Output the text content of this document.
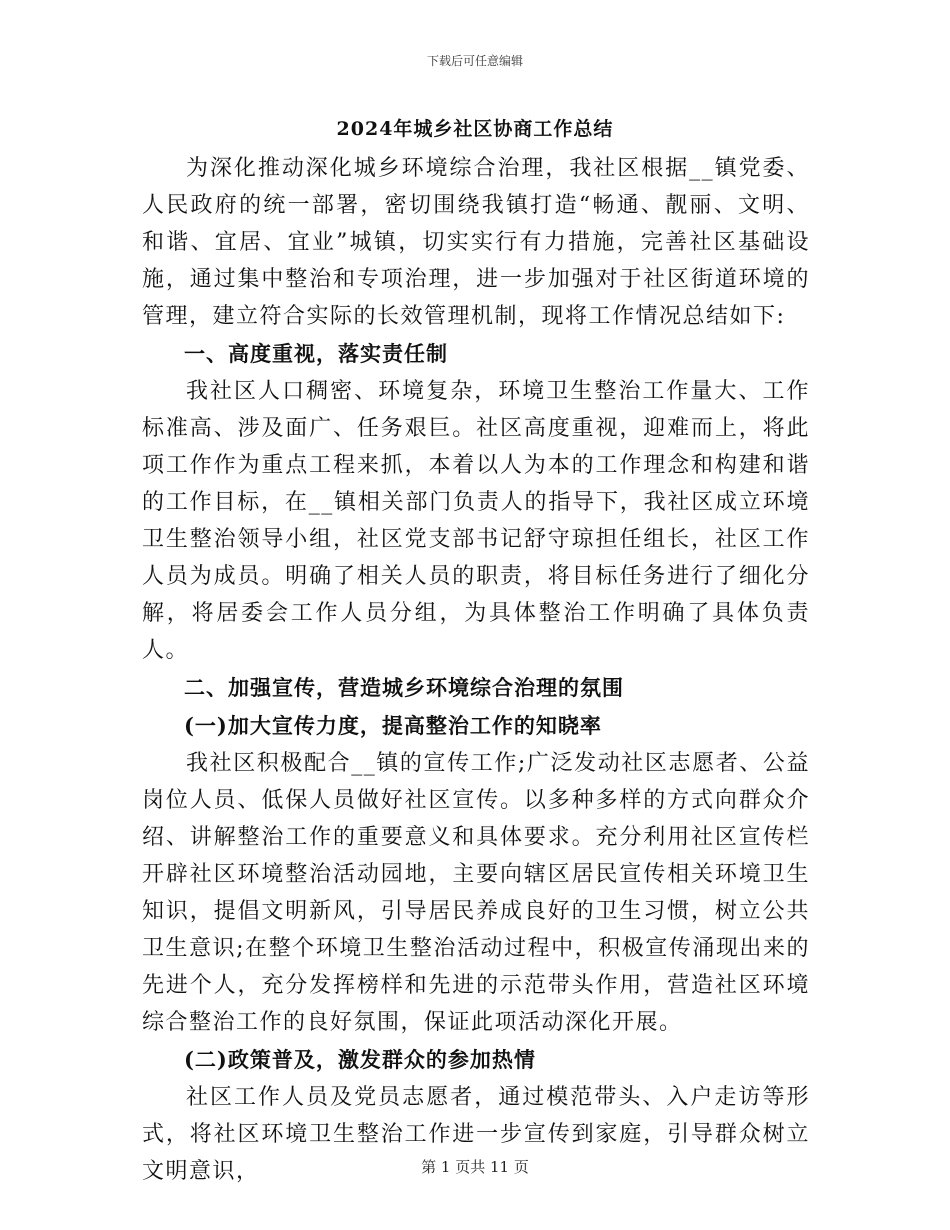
下载后可任意编辑
2024年城乡社区协商工作总结

为深化推动深化城乡环境综合治理，我社区根据__镇党委、人民政府的统一部署，密切围绕我镇打造“畅通、靓丽、文明、和谐、宜居、宜业”城镇，切实实行有力措施，完善社区基础设施，通过集中整治和专项治理，进一步加强对于社区街道环境的管理，建立符合实际的长效管理机制，现将工作情况总结如下:

一、高度重视，落实责任制

我社区人口稠密、环境复杂，环境卫生整治工作量大、工作标准高、涉及面广、任务艰巨。社区高度重视，迎难而上，将此项工作作为重点工程来抓，本着以人为本的工作理念和构建和谐的工作目标，在__镇相关部门负责人的指导下，我社区成立环境卫生整治领导小组，社区党支部书记舒守琼担任组长，社区工作人员为成员。明确了相关人员的职责，将目标任务进行了细化分解，将居委会工作人员分组，为具体整治工作明确了具体负责人。

二、加强宣传，营造城乡环境综合治理的氛围

(一)加大宣传力度，提高整治工作的知晓率

我社区积极配合__镇的宣传工作;广泛发动社区志愿者、公益岗位人员、低保人员做好社区宣传。以多种多样的方式向群众介绍、讲解整治工作的重要意义和具体要求。充分利用社区宣传栏开辟社区环境整治活动园地，主要向辖区居民宣传相关环境卫生知识，提倡文明新风，引导居民养成良好的卫生习惯，树立公共卫生意识;在整个环境卫生整治活动过程中，积极宣传涌现出来的先进个人，充分发挥榜样和先进的示范带头作用，营造社区环境综合整治工作的良好氛围，保证此项活动深化开展。

(二)政策普及，激发群众的参加热情

社区工作人员及党员志愿者，通过模范带头、入户走访等形式，将社区环境卫生整治工作进一步宣传到家庭，引导群众树立文明意识，	第 1 页共 11 页
